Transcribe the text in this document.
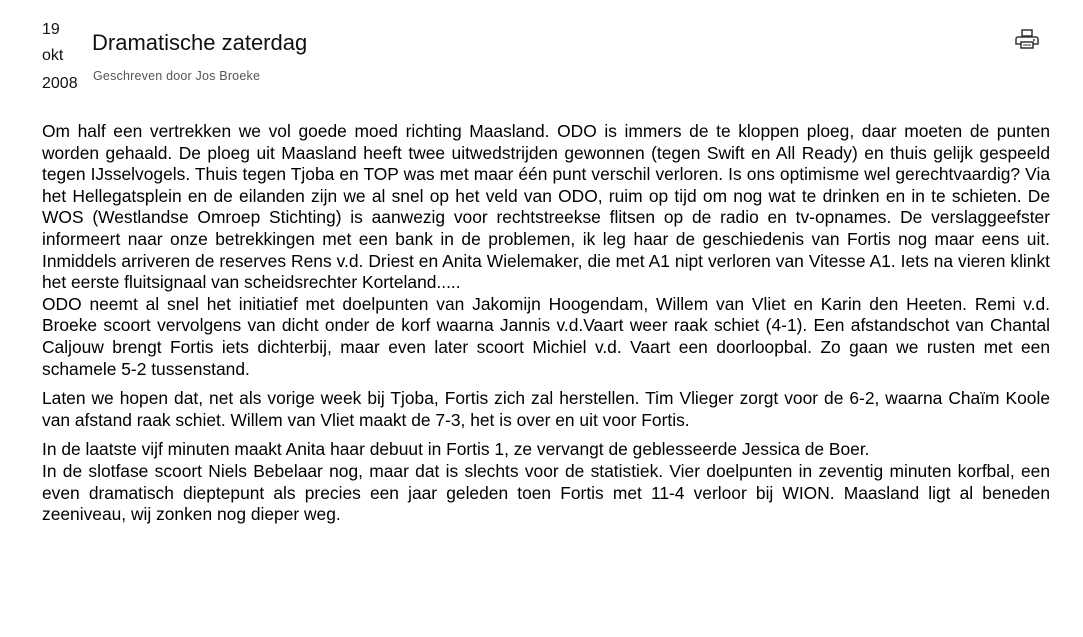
19
okt
2008
Dramatische zaterdag
Geschreven door Jos Broeke

Om half een vertrekken we vol goede moed richting Maasland. ODO is immers de te kloppen ploeg, daar moeten de punten worden gehaald. De ploeg uit Maasland heeft twee uitwedstrijden gewonnen (tegen Swift en All Ready) en thuis gelijk gespeeld tegen IJsselvogels. Thuis tegen Tjoba en TOP was met maar één punt verschil verloren. Is ons optimisme wel gerechtvaardig? Via het Hellegatsplein en de eilanden zijn we al snel op het veld van ODO, ruim op tijd om nog wat te drinken en in te schieten. De WOS (Westlandse Omroep Stichting) is aanwezig voor rechtstreekse flitsen op de radio en tv-opnames. De verslaggeefster informeert naar onze betrekkingen met een bank in de problemen, ik leg haar de geschiedenis van Fortis nog maar eens uit. Inmiddels arriveren de reserves Rens v.d. Driest en Anita Wielemaker, die met A1 nipt verloren van Vitesse A1. Iets na vieren klinkt het eerste fluitsignaal van scheidsrechter Korteland.....

ODO neemt al snel het initiatief met doelpunten van Jakomijn Hoogendam, Willem van Vliet en Karin den Heeten. Remi v.d. Broeke scoort vervolgens van dicht onder de korf waarna Jannis v.d.Vaart weer raak schiet (4-1). Een afstandschot van Chantal Caljouw brengt Fortis iets dichterbij, maar even later scoort Michiel v.d. Vaart een doorloopbal. Zo gaan we rusten met een schamele 5-2 tussenstand.

Laten we hopen dat, net als vorige week bij Tjoba, Fortis zich zal herstellen. Tim Vlieger zorgt voor de 6-2, waarna Chaïm Koole van afstand raak schiet. Willem van Vliet maakt de 7-3, het is over en uit voor Fortis.

In de laatste vijf minuten maakt Anita haar debuut in Fortis 1, ze vervangt de geblesseerde Jessica de Boer.

In de slotfase scoort Niels Bebelaar nog, maar dat is slechts voor de statistiek. Vier doelpunten in zeventig minuten korfbal, een even dramatisch dieptepunt als precies een jaar geleden toen Fortis met 11-4 verloor bij WION. Maasland ligt al beneden zeeniveau, wij zonken nog dieper weg.
